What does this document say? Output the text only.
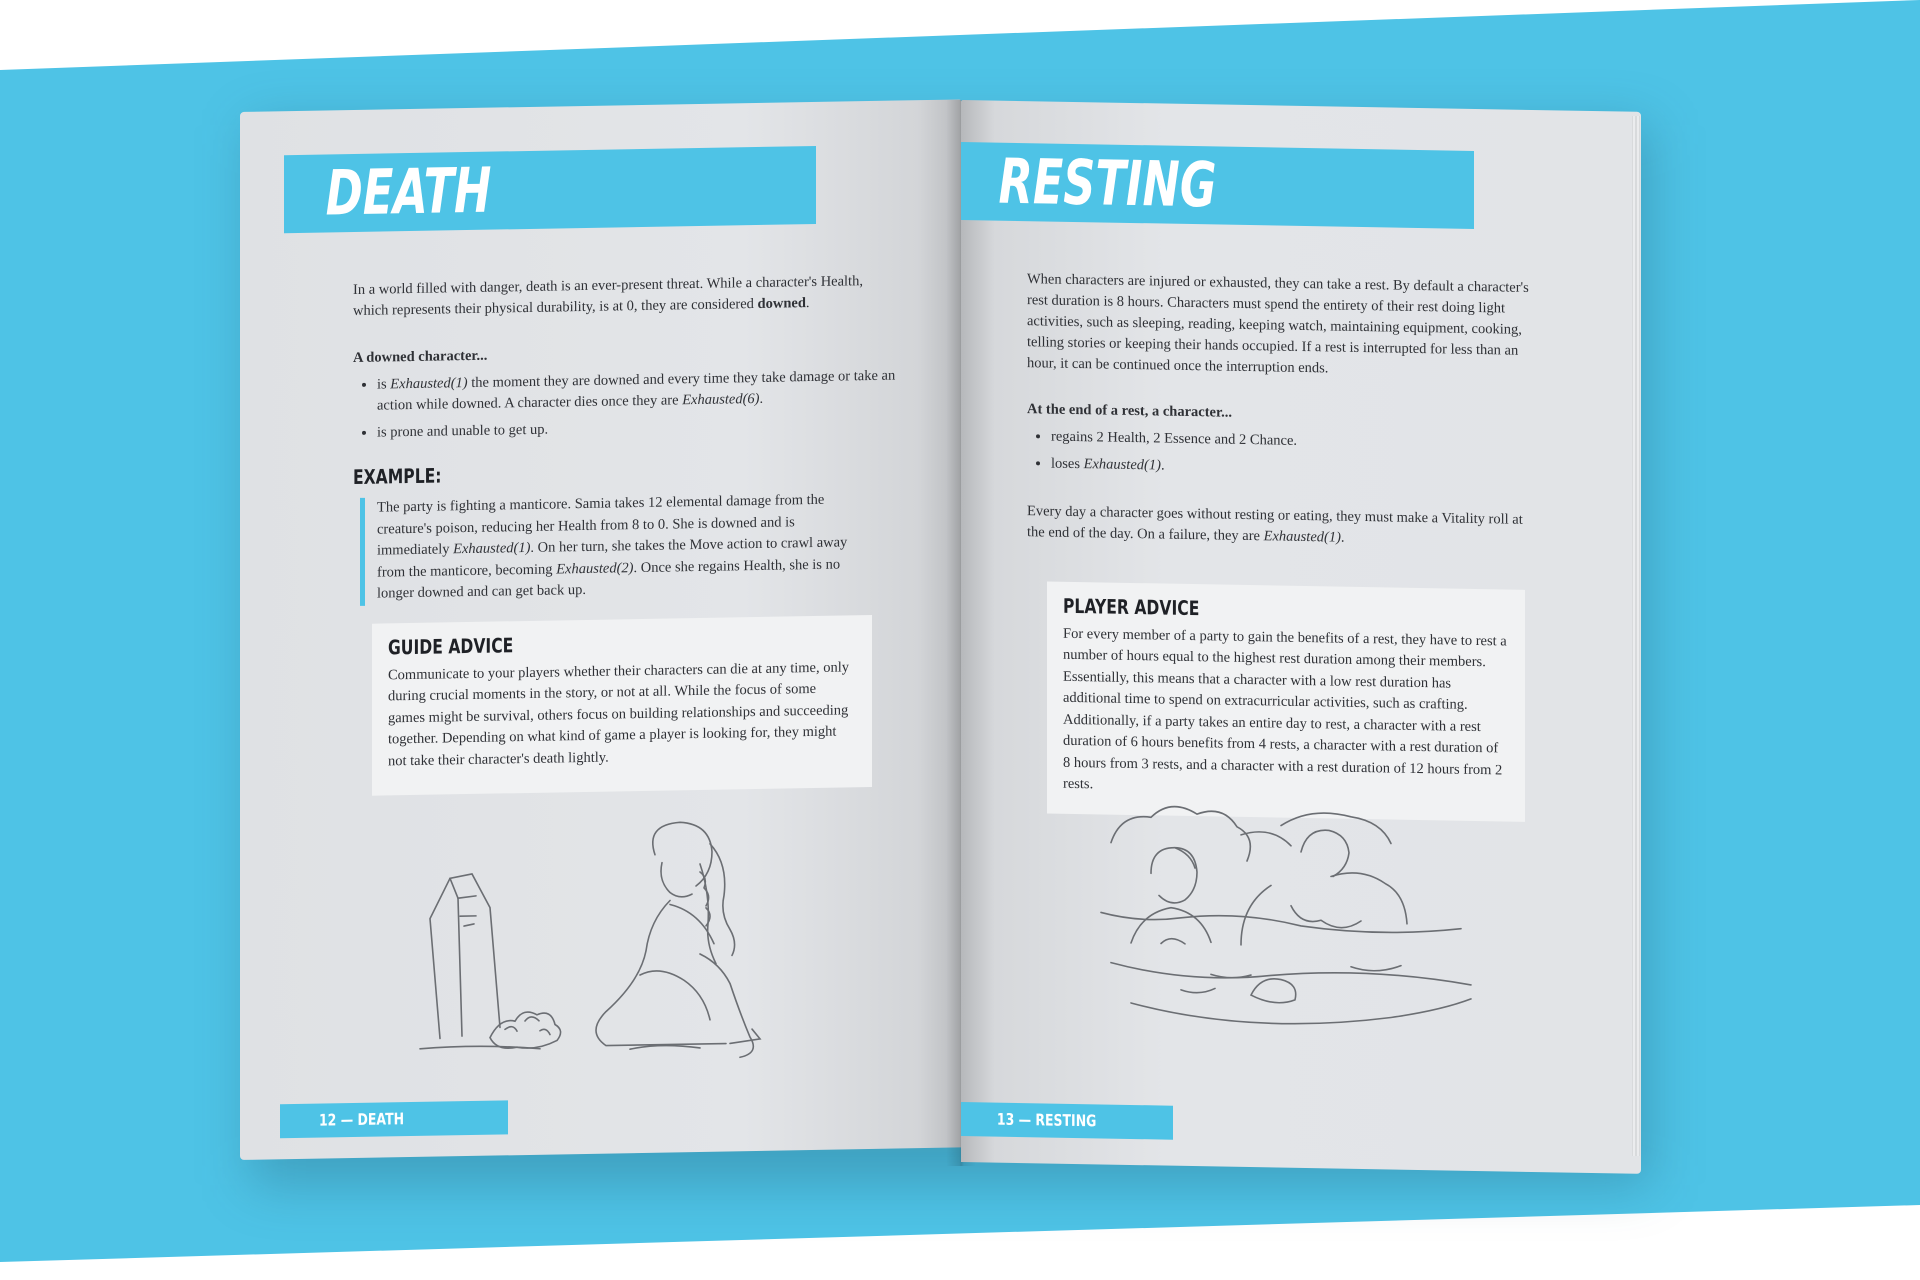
DEATH

In a world filled with danger, death is an ever-present threat. While a character's Health, which represents their physical durability, is at 0, they are considered downed.

A downed character...

• is Exhausted(1) the moment they are downed and every time they take damage or take an action while downed. A character dies once they are Exhausted(6).
• is prone and unable to get up.
EXAMPLE:
The party is fighting a manticore. Samia takes 12 elemental damage from the creature's poison, reducing her Health from 8 to 0. She is downed and is immediately Exhausted(1). On her turn, she takes the Move action to crawl away from the manticore, becoming Exhausted(2). Once she regains Health, she is no longer downed and can get back up.
GUIDE ADVICE
Communicate to your players whether their characters can die at any time, only during crucial moments in the story, or not at all. While the focus of some games might be survival, others focus on building relationships and succeeding together. Depending on what kind of game a player is looking for, they might not take their character's death lightly.
12 — DEATH
RESTING
When characters are injured or exhausted, they can take a rest. By default a character's rest duration is 8 hours. Characters must spend the entirety of their rest doing light activities, such as sleeping, reading, keeping watch, maintaining equipment, cooking, telling stories or keeping their hands occupied. If a rest is interrupted for less than an hour, it can be continued once the interruption ends.

At the end of a rest, a character...

• regains 2 Health, 2 Essence and 2 Chance.
• loses Exhausted(1).
Every day a character goes without resting or eating, they must make a Vitality roll at the end of the day. On a failure, they are Exhausted(1).
PLAYER ADVICE
For every member of a party to gain the benefits of a rest, they have to rest a number of hours equal to the highest rest duration among their members. Essentially, this means that a character with a low rest duration has additional time to spend on extracurricular activities, such as crafting. Additionally, if a party takes an entire day to rest, a character with a rest duration of 6 hours benefits from 4 rests, a character with a rest duration of 8 hours from 3 rests, and a character with a rest duration of 12 hours from 2 rests.
13 — RESTING
